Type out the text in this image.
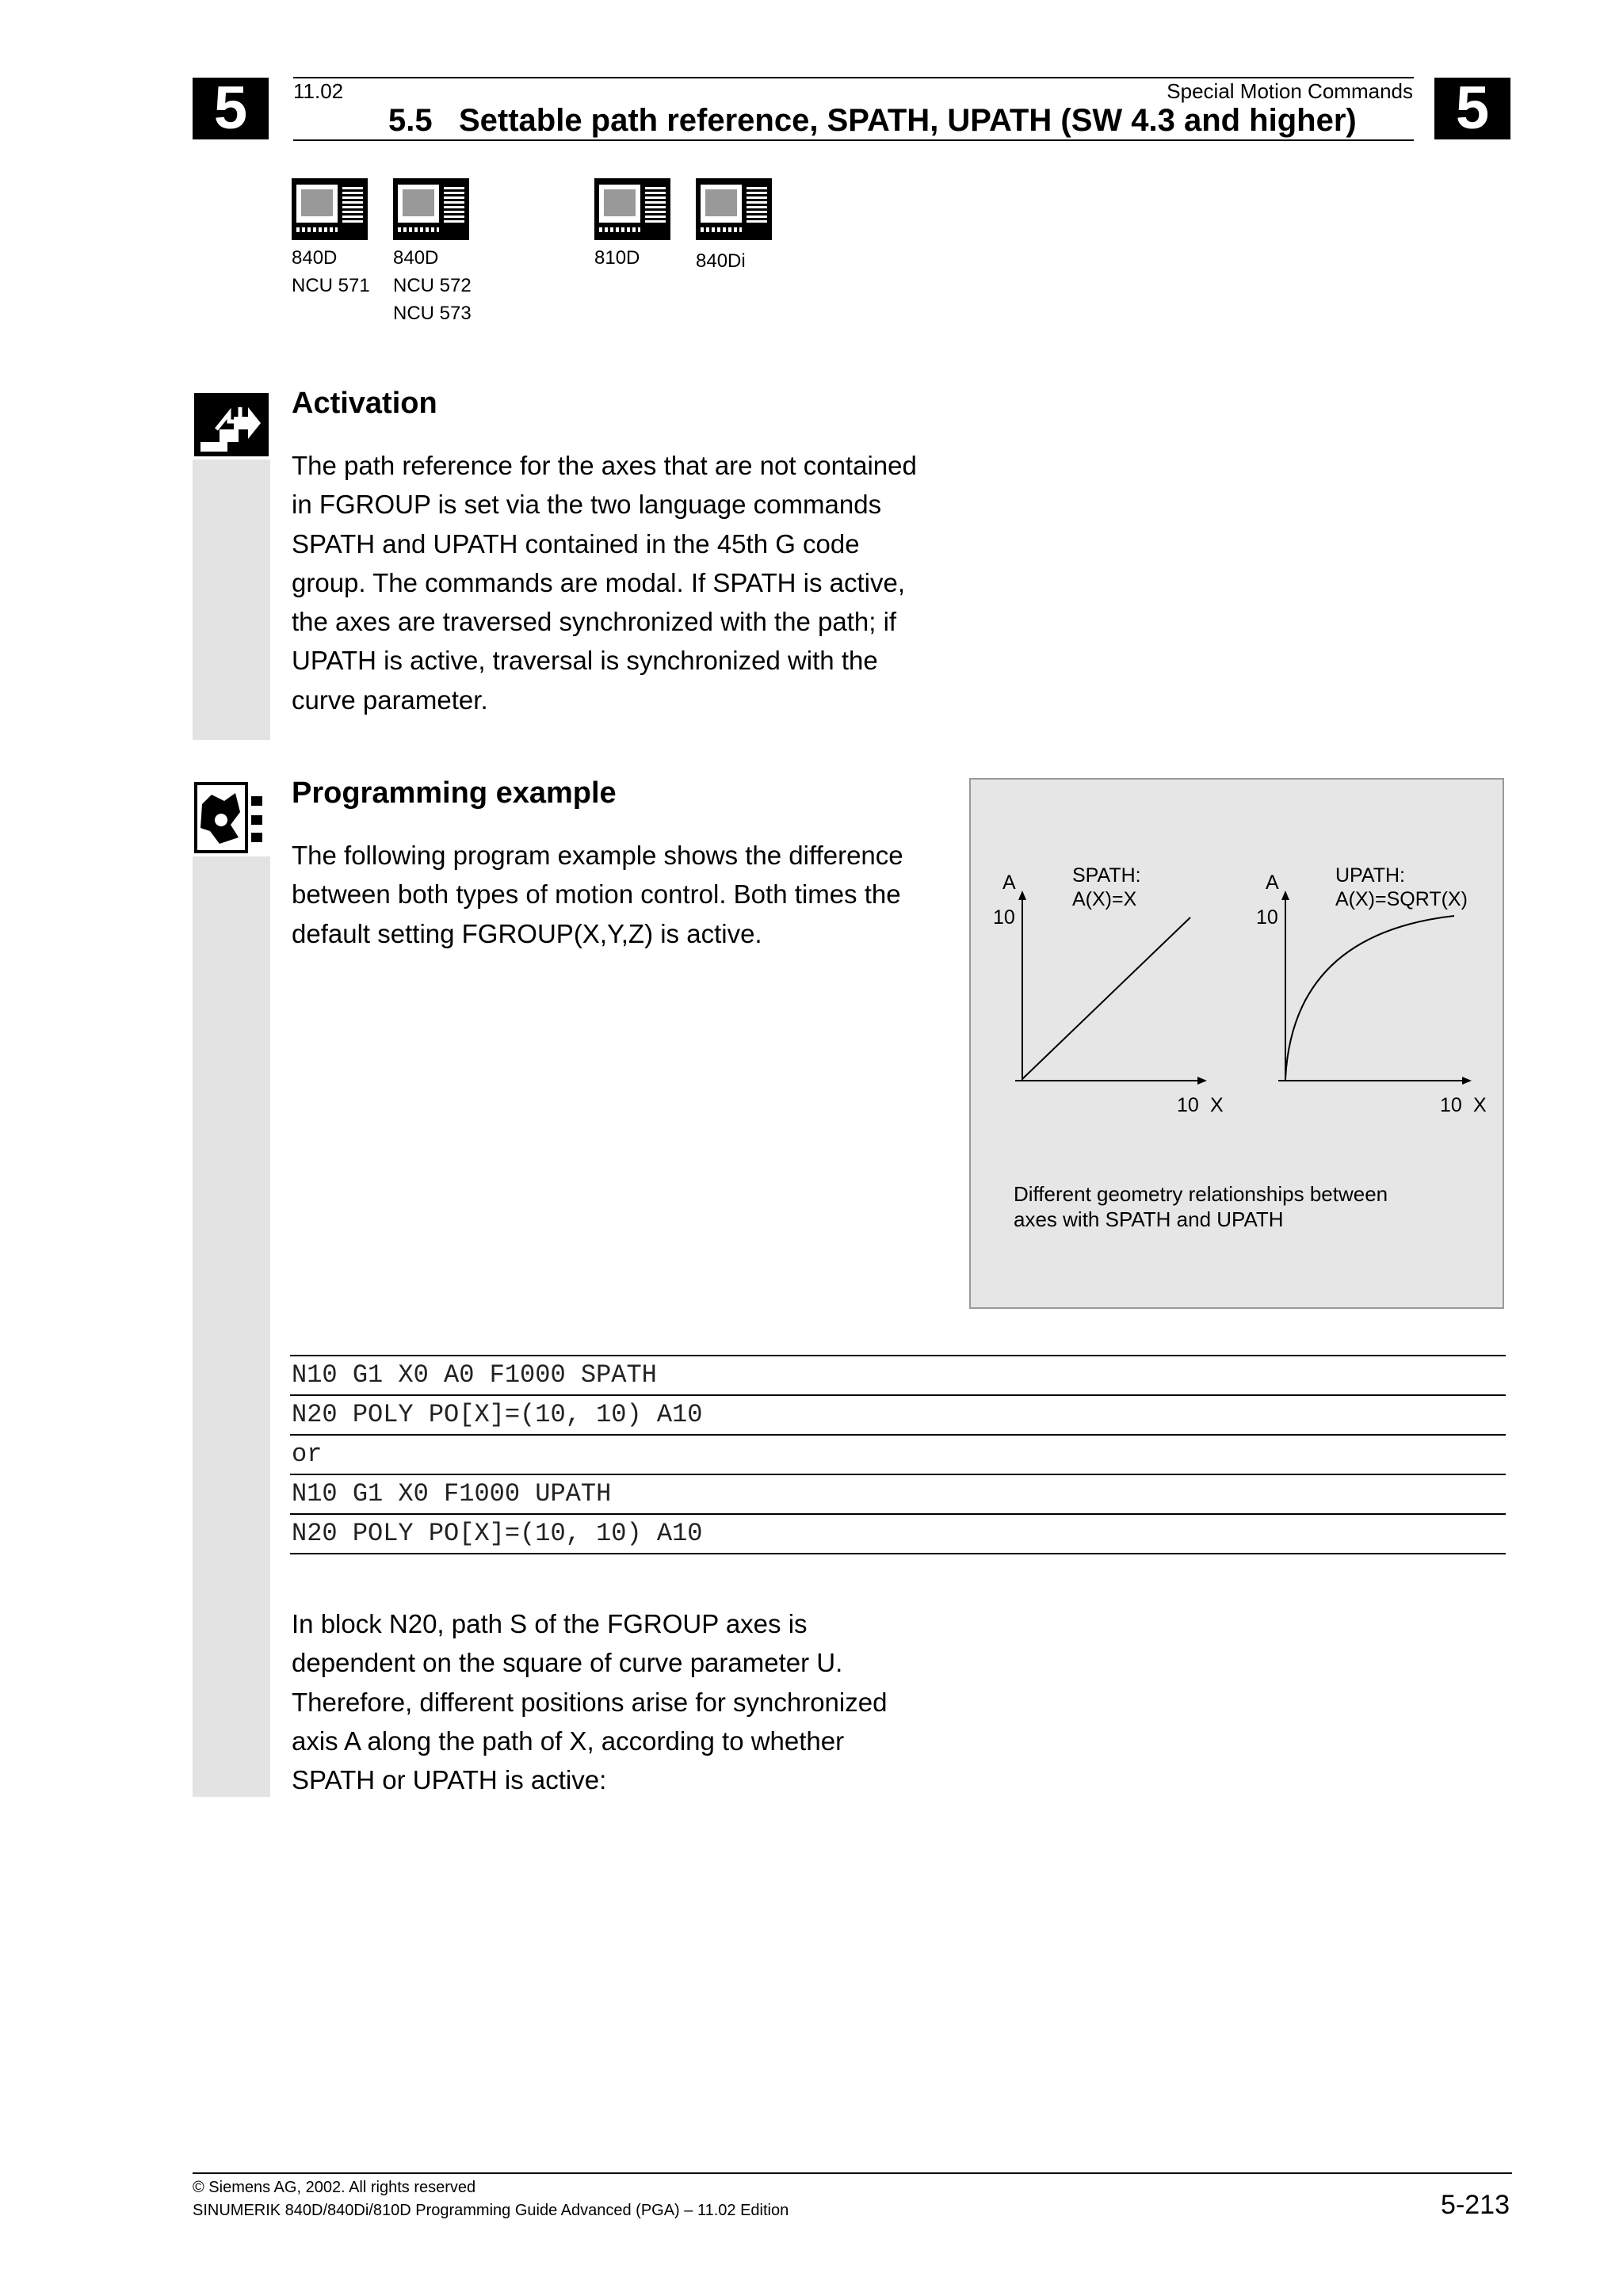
5	5
11.02	Special Motion Commands
5.5 Settable path reference, SPATH, UPATH (SW 4.3 and higher)
840D
NCU 571
840D
NCU 572
NCU 573
810D	840Di
Activation
The path reference for the axes that are not contained
in FGROUP is set via the two language commands
SPATH and UPATH contained in the 45th G code
group. The commands are modal. If SPATH is active,
the axes are traversed synchronized with the path; if
UPATH is active, traversal is synchronized with the
curve parameter.
Programming example
The following program example shows the difference
between both types of motion control. Both times the
default setting FGROUP(X,Y,Z) is active.
A
10
SPATH:
A(X)=X
10 X
A
10
UPATH:
A(X)=SQRT(X)
10 X
Different geometry relationships between
axes with SPATH and UPATH
N10 G1 X0 A0 F1000 SPATH
N20 POLY PO[X]=(10, 10) A10
or
N10 G1 X0 F1000 UPATH
N20 POLY PO[X]=(10, 10) A10
In block N20, path S of the FGROUP axes is
dependent on the square of curve parameter U.
Therefore, different positions arise for synchronized
axis A along the path of X, according to whether
SPATH or UPATH is active:
© Siemens AG, 2002. All rights reserved
SINUMERIK 840D/840Di/810D Programming Guide Advanced (PGA) – 11.02 Edition	5-213
